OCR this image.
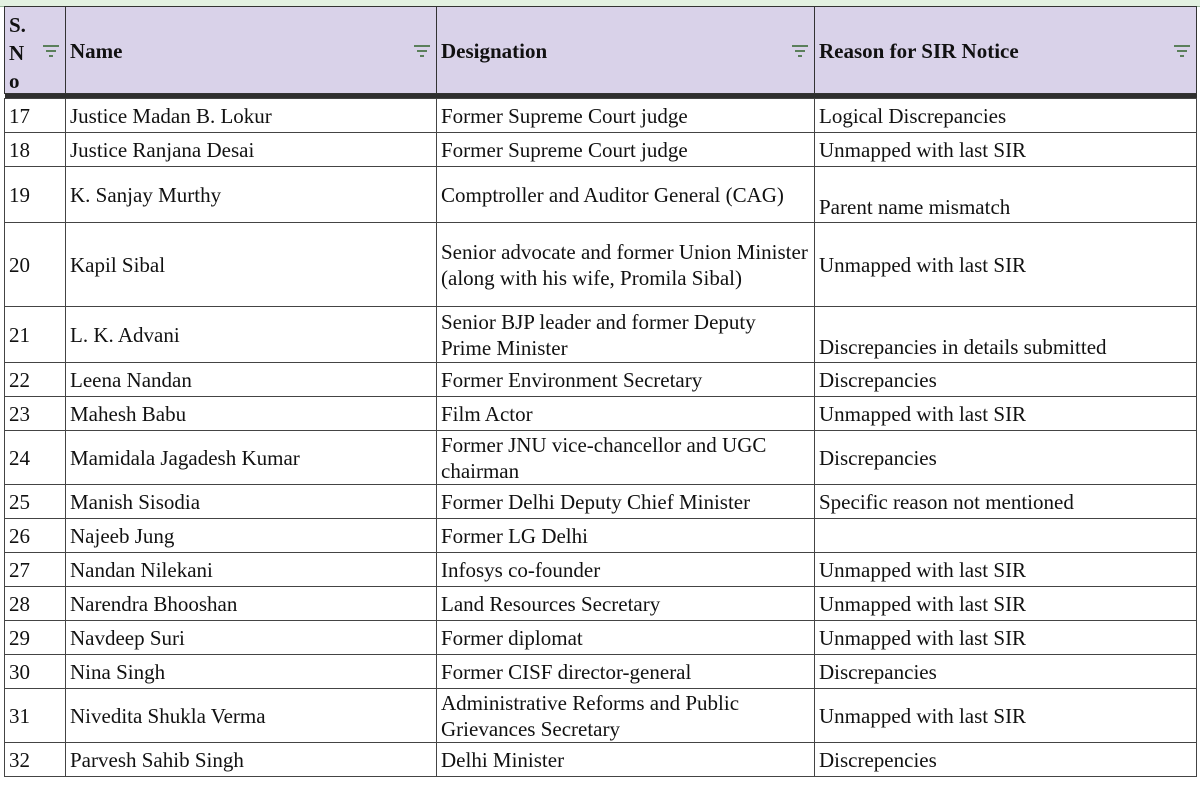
S. N o	Name	Designation	Reason for SIR Notice

17	Justice Madan B. Lokur	Former Supreme Court judge	Logical Discrepancies
18	Justice Ranjana Desai	Former Supreme Court judge	Unmapped with last SIR
19	K. Sanjay Murthy	Comptroller and Auditor General (CAG)	Parent name mismatch
20	Kapil Sibal	Senior advocate and former Union Minister (along with his wife, Promila Sibal)	Unmapped with last SIR
21	L. K. Advani	Senior BJP leader and former Deputy Prime Minister	Discrepancies in details submitted
22	Leena Nandan	Former Environment Secretary	Discrepancies
23	Mahesh Babu	Film Actor	Unmapped with last SIR
24	Mamidala Jagadesh Kumar	Former JNU vice-chancellor and UGC chairman	Discrepancies
25	Manish Sisodia	Former Delhi Deputy Chief Minister	Specific reason not mentioned
26	Najeeb Jung	Former LG Delhi	
27	Nandan Nilekani	Infosys co-founder	Unmapped with last SIR
28	Narendra Bhooshan	Land Resources Secretary	Unmapped with last SIR
29	Navdeep Suri	Former diplomat	Unmapped with last SIR
30	Nina Singh	Former CISF director-general	Discrepancies
31	Nivedita Shukla Verma	Administrative Reforms and Public Grievances Secretary	Unmapped with last SIR
32	Parvesh Sahib Singh	Delhi Minister	Discrepencies
